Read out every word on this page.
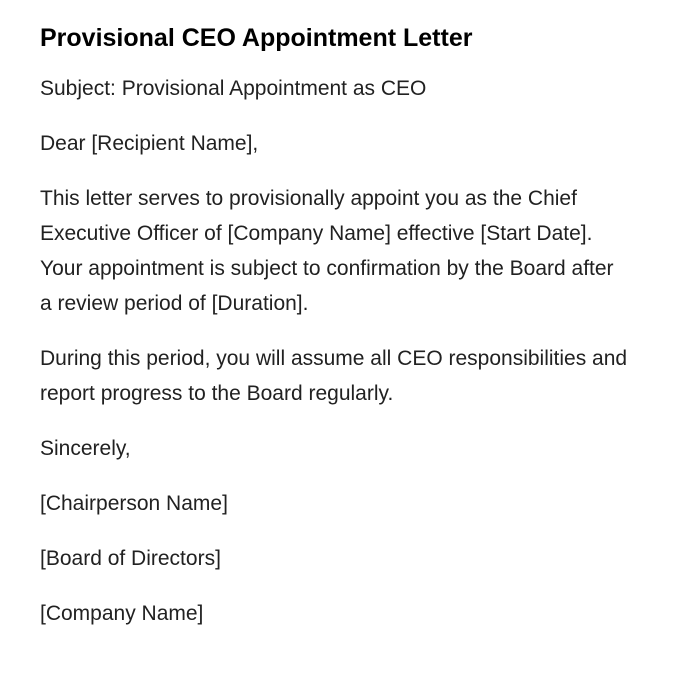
Provisional CEO Appointment Letter

Subject: Provisional Appointment as CEO

Dear [Recipient Name],

This letter serves to provisionally appoint you as the Chief Executive Officer of [Company Name] effective [Start Date]. Your appointment is subject to confirmation by the Board after a review period of [Duration].

During this period, you will assume all CEO responsibilities and report progress to the Board regularly.

Sincerely,

[Chairperson Name]

[Board of Directors]

[Company Name]
